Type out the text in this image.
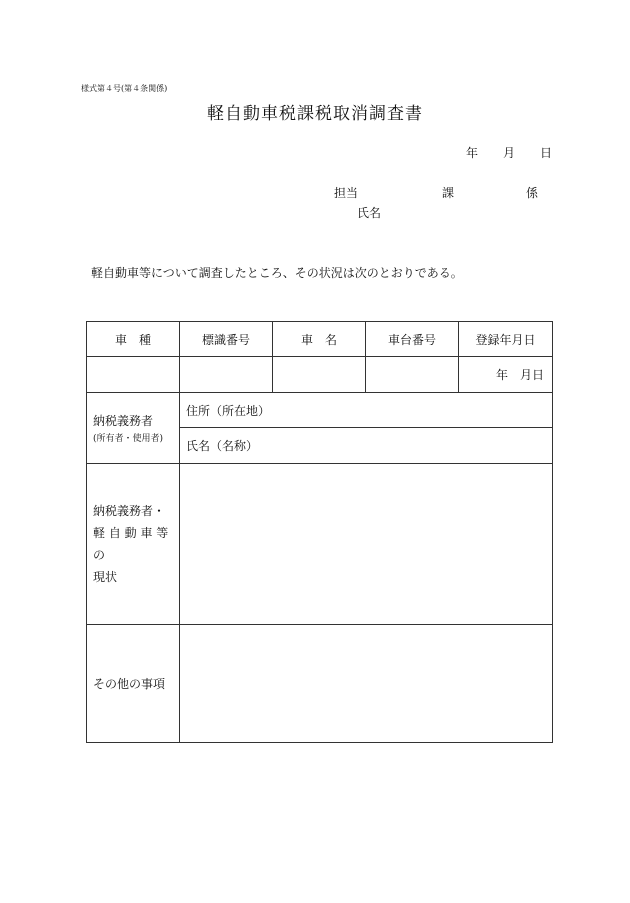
様式第４号(第４条関係)
軽自動車税課税取消調査書
年 月 日
担当	課	係
氏名
軽自動車等について調査したところ、その状況は次のとおりである。
車　種	標識番号	車　名	車台番号	登録年月日
				年 月日
納税義務者
(所有者・使用者)	住所（所在地）			
	氏名（名称）			

納税義務者・
軽 自 動 車 等 の
現状				

その他の事項				
